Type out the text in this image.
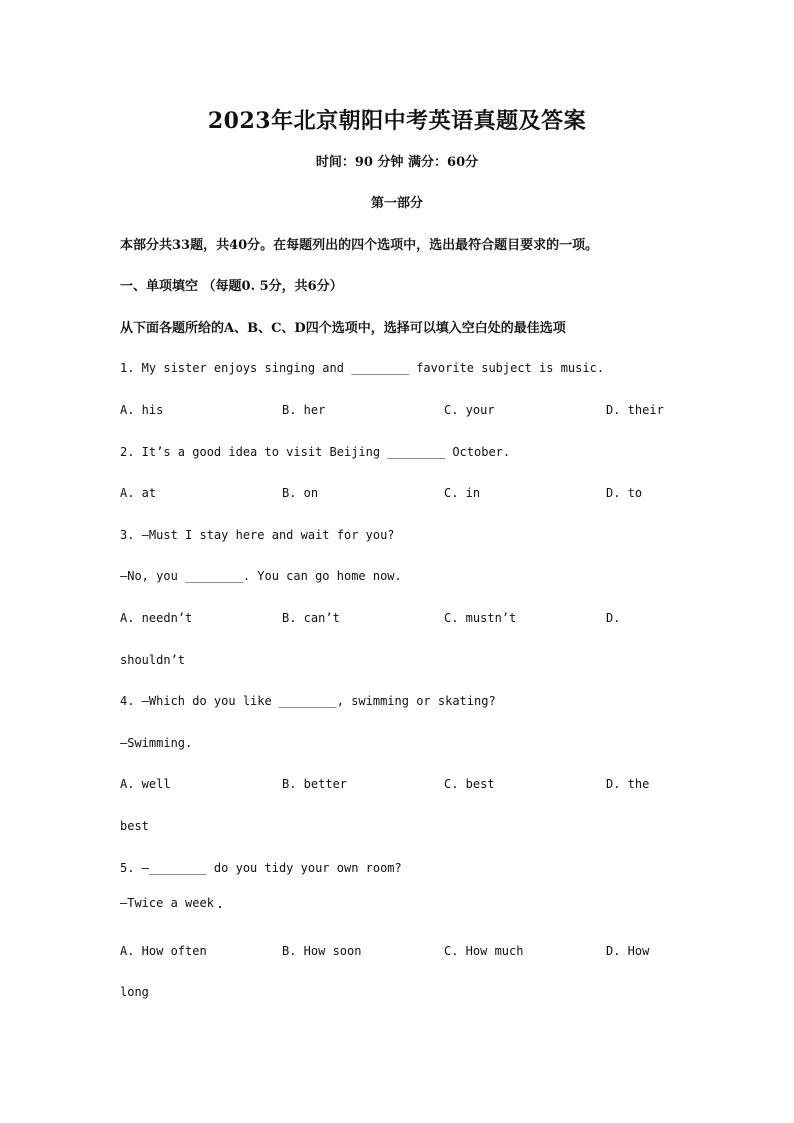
2023年北京朝阳中考英语真题及答案
时间：90 分钟 满分：60分
第一部分
本部分共33题，共40分。在每题列出的四个选项中，选出最符合题目要求的一项。
一、单项填空 （每题0. 5分，共6分）
从下面各题所给的A、B、C、D四个选项中，选择可以填入空白处的最佳选项
1. My sister enjoys singing and ________ favorite subject is music.
A. his	B. her	C. your	D. their
2. It’s a good idea to visit Beijing ________ October.
A. at	B. on	C. in	D. to
3. —Must I stay here and wait for you?
—No, you ________. You can go home now.
A. needn’t	B. can’t	C. mustn’t	D.
shouldn’t
4. —Which do you like ________, swimming or skating?
—Swimming.
A. well	B. better	C. best	D. the
best
5. —________ do you tidy your own room?
—Twice a week
A. How often	B. How soon	C. How much	D. How
long
